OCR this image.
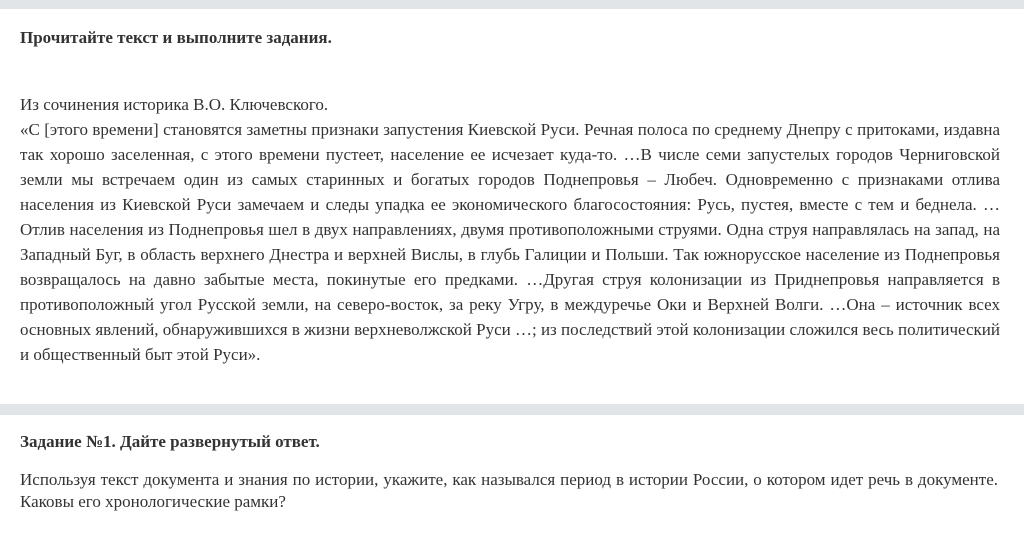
Прочитайте текст и выполните задания.

Из сочинения историка В.О. Ключевского.

«С [этого времени] становятся заметны признаки запустения Киевской Руси. Речная полоса по среднему Днепру с притоками, издавна так хорошо заселенная, с этого времени пустеет, население ее исчезает куда-то. …В числе семи запустелых городов Черниговской земли мы встречаем один из самых старинных и богатых городов Поднепровья – Любеч. Одновременно с признаками отлива населения из Киевской Руси замечаем и следы упадка ее экономического благосостояния: Русь, пустея, вместе с тем и беднела. …Отлив населения из Поднепровья шел в двух направлениях, двумя противоположными струями. Одна струя направлялась на запад, на Западный Буг, в область верхнего Днестра и верхней Вислы, в глубь Галиции и Польши. Так южнорусское население из Поднепровья возвращалось на давно забытые места, покинутые его предками. …Другая струя колонизации из Приднепровья направляется в противоположный угол Русской земли, на северо-восток, за реку Угру, в междуречье Оки и Верхней Волги. …Она – источник всех основных явлений, обнаружившихся в жизни верхневолжской Руси …; из последствий этой колонизации сложился весь политический и общественный быт этой Руси».

Задание №1. Дайте развернутый ответ.

Используя текст документа и знания по истории, укажите, как назывался период в истории России, о котором идет речь в документе. Каковы его хронологические рамки?
